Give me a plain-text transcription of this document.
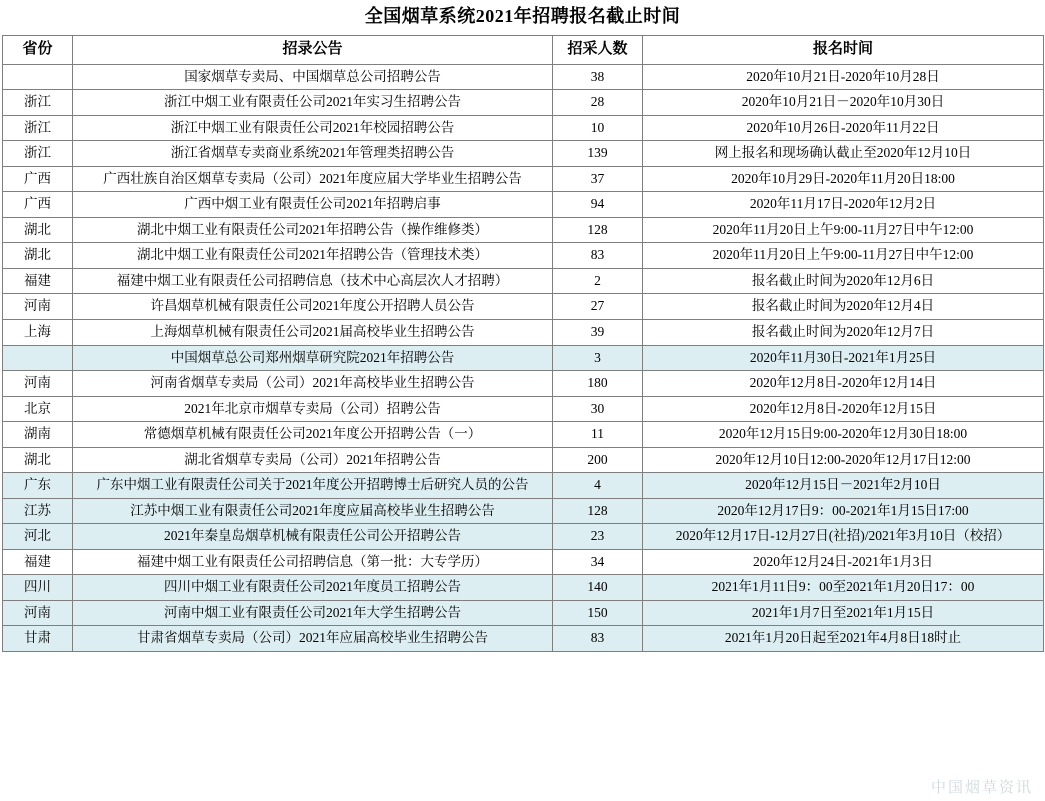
全国烟草系统2021年招聘报名截止时间
省份	招录公告	招采人数	报名时间
	国家烟草专卖局、中国烟草总公司招聘公告	38	2020年10月21日-2020年10月28日
浙江	浙江中烟工业有限责任公司2021年实习生招聘公告	28	2020年10月21日－2020年10月30日
浙江	浙江中烟工业有限责任公司2021年校园招聘公告	10	2020年10月26日-2020年11月22日
浙江	浙江省烟草专卖商业系统2021年管理类招聘公告	139	网上报名和现场确认截止至2020年12月10日
广西	广西壮族自治区烟草专卖局（公司）2021年度应届大学毕业生招聘公告	37	2020年10月29日-2020年11月20日18:00
广西	广西中烟工业有限责任公司2021年招聘启事	94	2020年11月17日-2020年12月2日
湖北	湖北中烟工业有限责任公司2021年招聘公告（操作维修类）	128	2020年11月20日上午9:00-11月27日中午12:00
湖北	湖北中烟工业有限责任公司2021年招聘公告（管理技术类）	83	2020年11月20日上午9:00-11月27日中午12:00
福建	福建中烟工业有限责任公司招聘信息（技术中心高层次人才招聘）	2	报名截止时间为2020年12月6日
河南	许昌烟草机械有限责任公司2021年度公开招聘人员公告	27	报名截止时间为2020年12月4日
上海	上海烟草机械有限责任公司2021届高校毕业生招聘公告	39	报名截止时间为2020年12月7日
	中国烟草总公司郑州烟草研究院2021年招聘公告	3	2020年11月30日-2021年1月25日
河南	河南省烟草专卖局（公司）2021年高校毕业生招聘公告	180	2020年12月8日-2020年12月14日
北京	2021年北京市烟草专卖局（公司）招聘公告	30	2020年12月8日-2020年12月15日
湖南	常德烟草机械有限责任公司2021年度公开招聘公告（一）	11	2020年12月15日9:00-2020年12月30日18:00
湖北	湖北省烟草专卖局（公司）2021年招聘公告	200	2020年12月10日12:00-2020年12月17日12:00
广东	广东中烟工业有限责任公司关于2021年度公开招聘博士后研究人员的公告	4	2020年12月15日－2021年2月10日
江苏	江苏中烟工业有限责任公司2021年度应届高校毕业生招聘公告	128	2020年12月17日9：00-2021年1月15日17:00
河北	2021年秦皇岛烟草机械有限责任公司公开招聘公告	23	2020年12月17日-12月27日(社招)/2021年3月10日（校招）
福建	福建中烟工业有限责任公司招聘信息（第一批：大专学历）	34	2020年12月24日-2021年1月3日
四川	四川中烟工业有限责任公司2021年度员工招聘公告	140	2021年1月11日9：00至2021年1月20日17：00
河南	河南中烟工业有限责任公司2021年大学生招聘公告	150	2021年1月7日至2021年1月15日
甘肃	甘肃省烟草专卖局（公司）2021年应届高校毕业生招聘公告	83	2021年1月20日起至2021年4月8日18时止
中国烟草资讯
